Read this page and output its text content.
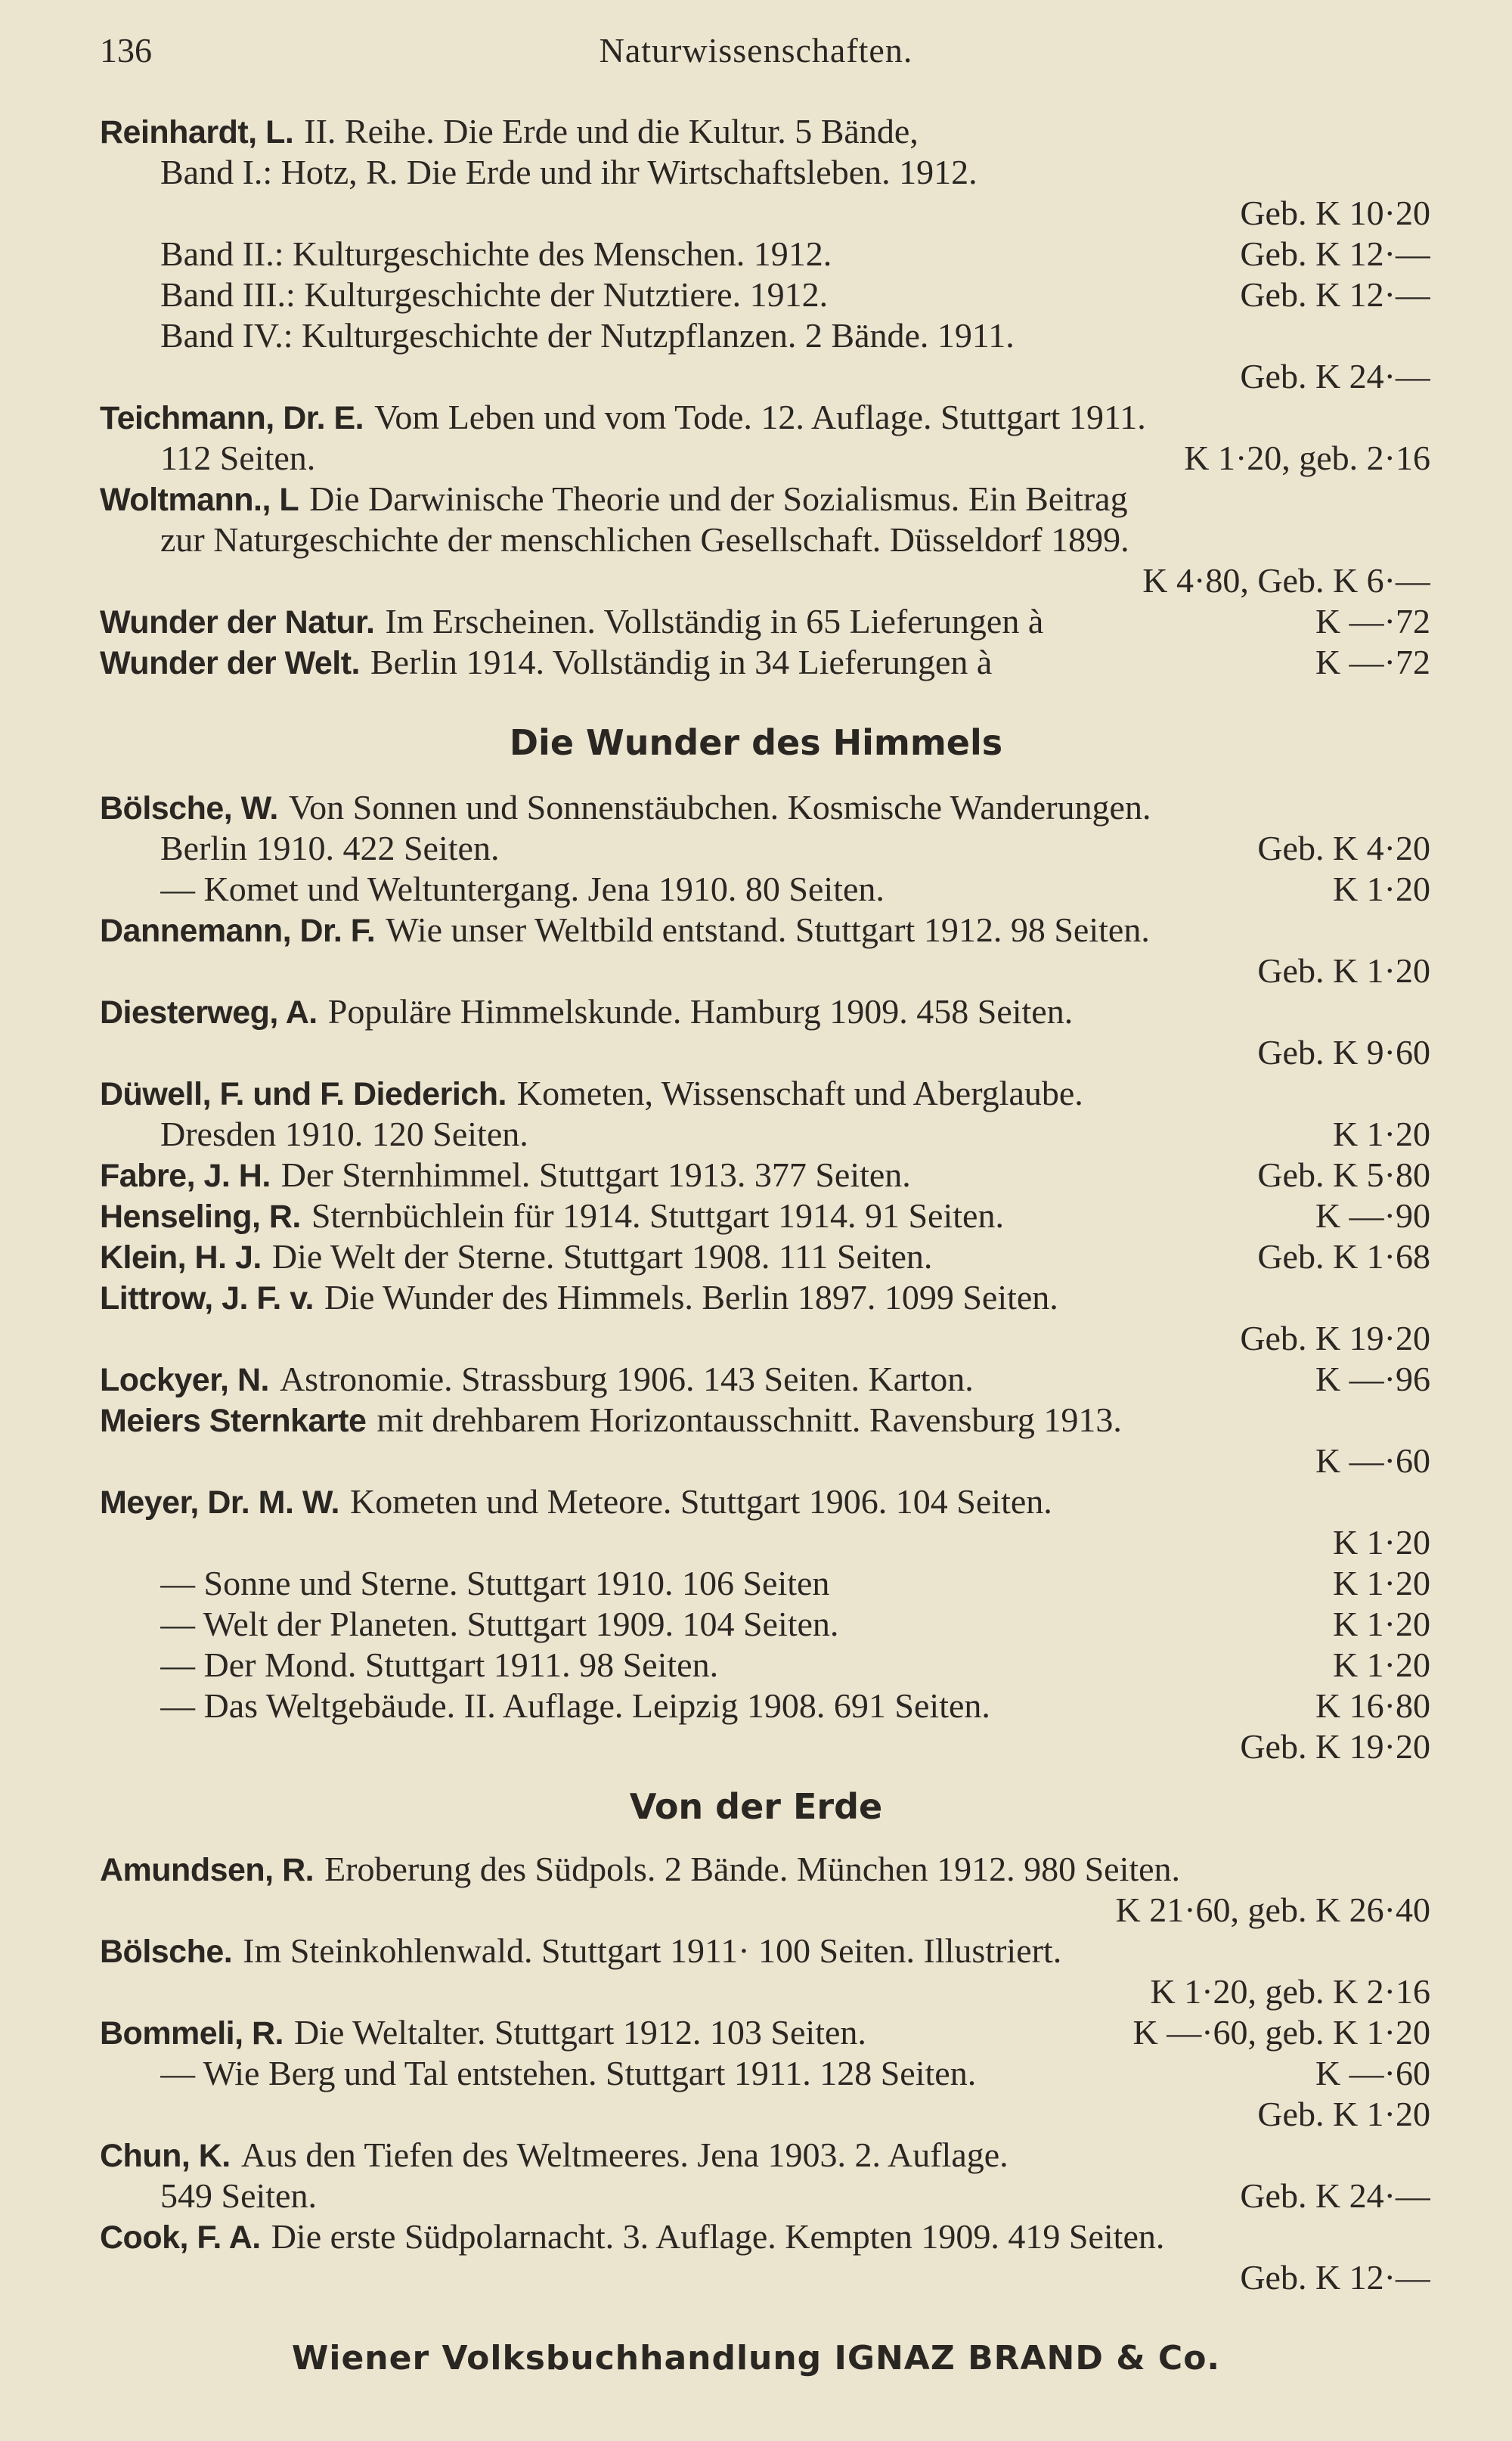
136	Naturwissenschaften.
Reinhardt, L. II. Reihe. Die Erde und die Kultur. 5 Bände,
Band I.: Hotz, R. Die Erde und ihr Wirtschaftsleben. 1912.
Geb. K 10·20
Band II.: Kulturgeschichte des Menschen. 1912.	Geb. K 12·—
Band III.: Kulturgeschichte der Nutztiere. 1912.	Geb. K 12·—
Band IV.: Kulturgeschichte der Nutzpflanzen. 2 Bände. 1911.
Geb. K 24·—
Teichmann, Dr. E. Vom Leben und vom Tode. 12. Auflage. Stuttgart 1911.
112 Seiten.	K 1·20, geb. 2·16
Woltmann., L Die Darwinische Theorie und der Sozialismus. Ein Beitrag
zur Naturgeschichte der menschlichen Gesellschaft. Düsseldorf 1899.
K 4·80, Geb. K 6·—
Wunder der Natur. Im Erscheinen. Vollständig in 65 Lieferungen à	K —·72
Wunder der Welt. Berlin 1914. Vollständig in 34 Lieferungen à	K —·72
Die Wunder des Himmels
Bölsche, W. Von Sonnen und Sonnenstäubchen. Kosmische Wanderungen.
Berlin 1910. 422 Seiten.	Geb. K 4·20
— Komet und Weltuntergang. Jena 1910. 80 Seiten.	K 1·20
Dannemann, Dr. F. Wie unser Weltbild entstand. Stuttgart 1912. 98 Seiten.
Geb. K 1·20
Diesterweg, A. Populäre Himmelskunde. Hamburg 1909. 458 Seiten.
Geb. K 9·60
Düwell, F. und F. Diederich. Kometen, Wissenschaft und Aberglaube.
Dresden 1910. 120 Seiten.	K 1·20
Fabre, J. H. Der Sternhimmel. Stuttgart 1913. 377 Seiten.	Geb. K 5·80
Henseling, R. Sternbüchlein für 1914. Stuttgart 1914. 91 Seiten.	K —·90
Klein, H. J. Die Welt der Sterne. Stuttgart 1908. 111 Seiten.	Geb. K 1·68
Littrow, J. F. v. Die Wunder des Himmels. Berlin 1897. 1099 Seiten.
Geb. K 19·20
Lockyer, N. Astronomie. Strassburg 1906. 143 Seiten. Karton.	K —·96
Meiers Sternkarte mit drehbarem Horizontausschnitt. Ravensburg 1913.
K —·60
Meyer, Dr. M. W. Kometen und Meteore. Stuttgart 1906. 104 Seiten.
K 1·20
— Sonne und Sterne. Stuttgart 1910. 106 Seiten	K 1·20
— Welt der Planeten. Stuttgart 1909. 104 Seiten.	K 1·20
— Der Mond. Stuttgart 1911. 98 Seiten.	K 1·20
— Das Weltgebäude. II. Auflage. Leipzig 1908. 691 Seiten.	K 16·80
Geb. K 19·20
Von der Erde
Amundsen, R. Eroberung des Südpols. 2 Bände. München 1912. 980 Seiten.
K 21·60, geb. K 26·40
Bölsche. Im Steinkohlenwald. Stuttgart 1911· 100 Seiten. Illustriert.
K 1·20, geb. K 2·16
Bommeli, R. Die Weltalter. Stuttgart 1912. 103 Seiten.	K —·60, geb. K 1·20
— Wie Berg und Tal entstehen. Stuttgart 1911. 128 Seiten.	K —·60
Geb. K 1·20
Chun, K. Aus den Tiefen des Weltmeeres. Jena 1903. 2. Auflage.
549 Seiten.	Geb. K 24·—
Cook, F. A. Die erste Südpolarnacht. 3. Auflage. Kempten 1909. 419 Seiten.
Geb. K 12·—
Wiener Volksbuchhandlung IGNAZ BRAND & Co.
